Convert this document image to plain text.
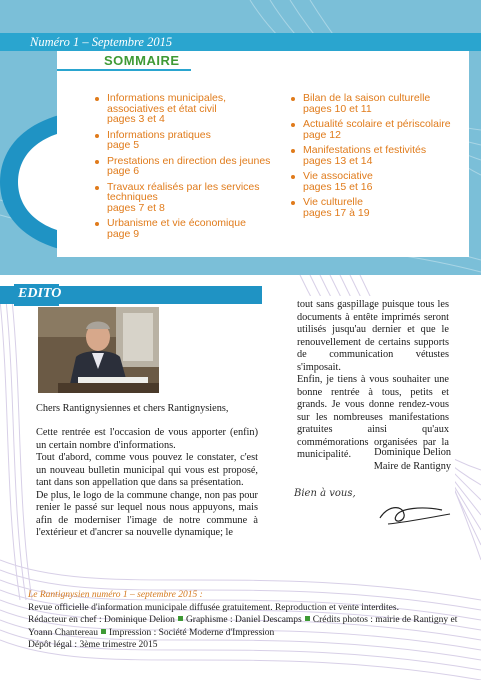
Numéro 1 – Septembre 2015
SOMMAIRE
Informations municipales, associatives et état civil
pages 3 et 4
Informations pratiques
page 5
Prestations en direction des jeunes
page 6
Travaux réalisés par les services techniques
pages 7 et 8
Urbanisme et vie économique
page 9
Bilan de la saison culturelle
pages 10 et 11
Actualité scolaire et périscolaire
page 12
Manifestations et festivités
pages 13 et 14
Vie associative
pages 15 et 16
Vie culturelle
pages 17 à 19
EDITO
Chers Rantignysiennes et chers Rantignysiens,

Cette rentrée est l'occasion de vous apporter (enfin) un certain nombre d'informations.

Tout d'abord, comme vous pouvez le constater, c'est un nouveau bulletin municipal qui vous est proposé, tant dans son appellation que dans sa présentation.

De plus, le logo de la commune change, non pas pour renier le passé sur lequel nous nous appuyons, mais afin de moderniser l'image de notre commune à l'extérieur et d'ancrer sa nouvelle dynamique; le

tout sans gaspillage puisque tous les documents à entête imprimés seront utilisés jusqu'au dernier et que le renouvellement de certains supports de communication vétustes s'imposait.

Enfin, je tiens à vous souhaiter une bonne rentrée à tous, petits et grands. Je vous donne rendez-vous sur les nombreuses manifestations gratuites ainsi qu'aux commémorations organisées par la municipalité.	Dominique Delion
Maire de Rantigny
Bien à vous,
Le Rantignysien numéro 1 – septembre 2015 :
Revue officielle d'information municipale diffusée gratuitement. Reproduction et vente interdites.
Rédacteur en chef : Dominique Delion Graphisme : Daniel Descamps Crédits photos : mairie de Rantigny et Yoann Chantereau Impression : Société Moderne d'Impression
Dépôt légal : 3ème trimestre 2015
